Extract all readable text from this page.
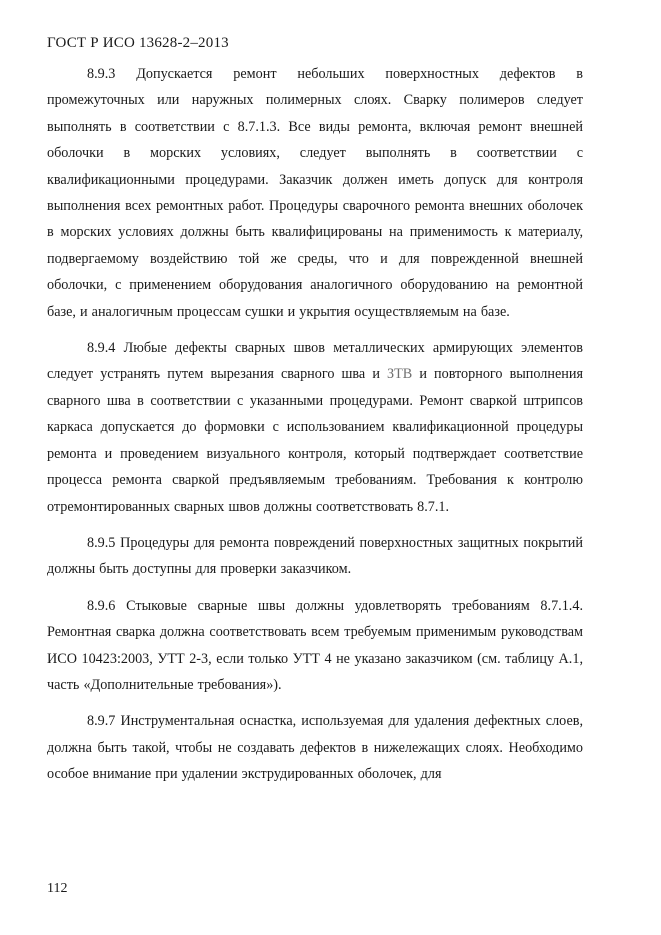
ГОСТ Р ИСО 13628-2–2013

8.9.3 Допускается ремонт небольших поверхностных дефектов в промежуточных или наружных полимерных слоях. Сварку полимеров следует выполнять в соответствии с 8.7.1.3. Все виды ремонта, включая ремонт внешней оболочки в морских условиях, следует выполнять в соответствии с квалификационными процедурами. Заказчик должен иметь допуск для контроля выполнения всех ремонтных работ. Процедуры сварочного ремонта внешних оболочек в морских условиях должны быть квалифицированы на применимость к материалу, подвергаемому воздействию той же среды, что и для поврежденной внешней оболочки, с применением оборудования аналогичного оборудованию на ремонтной базе, и аналогичным процессам сушки и укрытия осуществляемым на базе.

8.9.4 Любые дефекты сварных швов металлических армирующих элементов следует устранять путем вырезания сварного шва и ЗТВ и повторного выполнения сварного шва в соответствии с указанными процедурами. Ремонт сваркой штрипсов каркаса допускается до формовки с использованием квалификационной процедуры ремонта и проведением визуального контроля, который подтверждает соответствие процесса ремонта сваркой предъявляемым требованиям. Требования к контролю отремонтированных сварных швов должны соответствовать 8.7.1.

8.9.5 Процедуры для ремонта повреждений поверхностных защитных покрытий должны быть доступны для проверки заказчиком.

8.9.6 Стыковые сварные швы должны удовлетворять требованиям 8.7.1.4. Ремонтная сварка должна соответствовать всем требуемым применимым руководствам ИСО 10423:2003, УТТ 2-3, если только УТТ 4 не указано заказчиком (см. таблицу А.1, часть «Дополнительные требования»).

8.9.7 Инструментальная оснастка, используемая для удаления дефектных слоев, должна быть такой, чтобы не создавать дефектов в нижележащих слоях. Необходимо особое внимание при удалении экструдированных оболочек, для

112
